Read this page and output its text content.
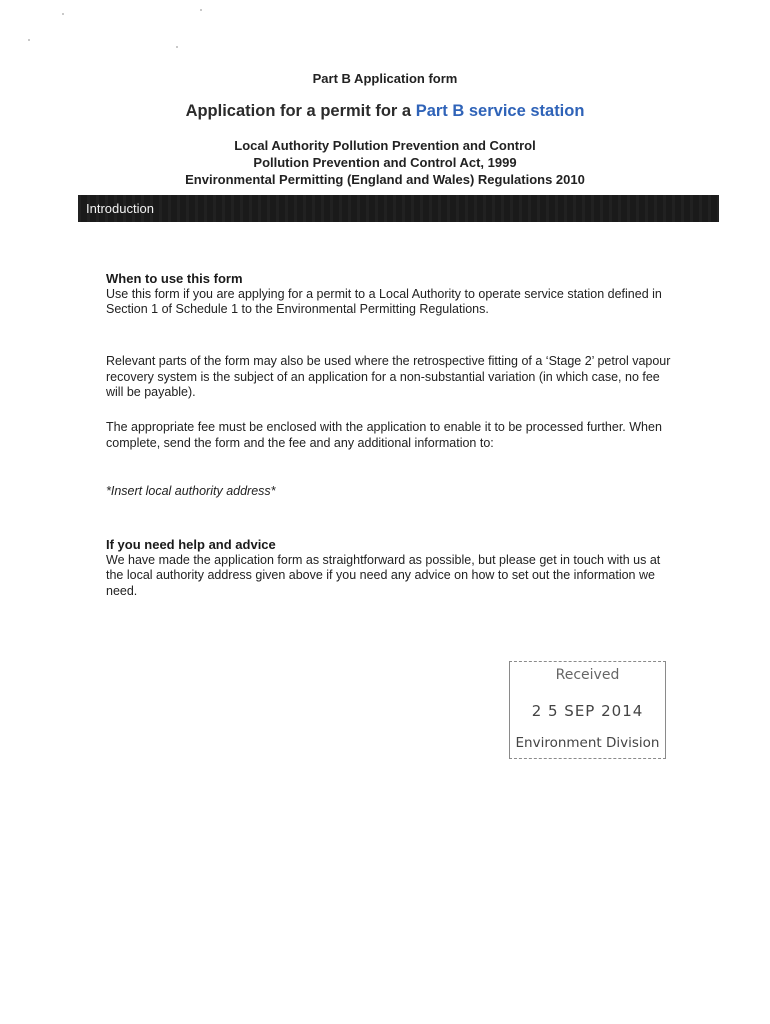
Part B Application form
Application for a permit for a Part B service station
Local Authority Pollution Prevention and Control
Pollution Prevention and Control Act, 1999
Environmental Permitting (England and Wales) Regulations 2010
Introduction
When to use this form
Use this form if you are applying for a permit to a Local Authority to operate service station defined in Section 1 of Schedule 1 to the Environmental Permitting Regulations.
Relevant parts of the form may also be used where the retrospective fitting of a ‘Stage 2’ petrol vapour recovery system is the subject of an application for a non-substantial variation (in which case, no fee will be payable).
The appropriate fee must be enclosed with the application to enable it to be processed further. When complete, send the form and the fee and any additional information to:
*Insert local authority address*
If you need help and advice
We have made the application form as straightforward as possible, but please get in touch with us at the local authority address given above if you need any advice on how to set out the information we need.
Received
2 5 SEP 2014
Environment Division
